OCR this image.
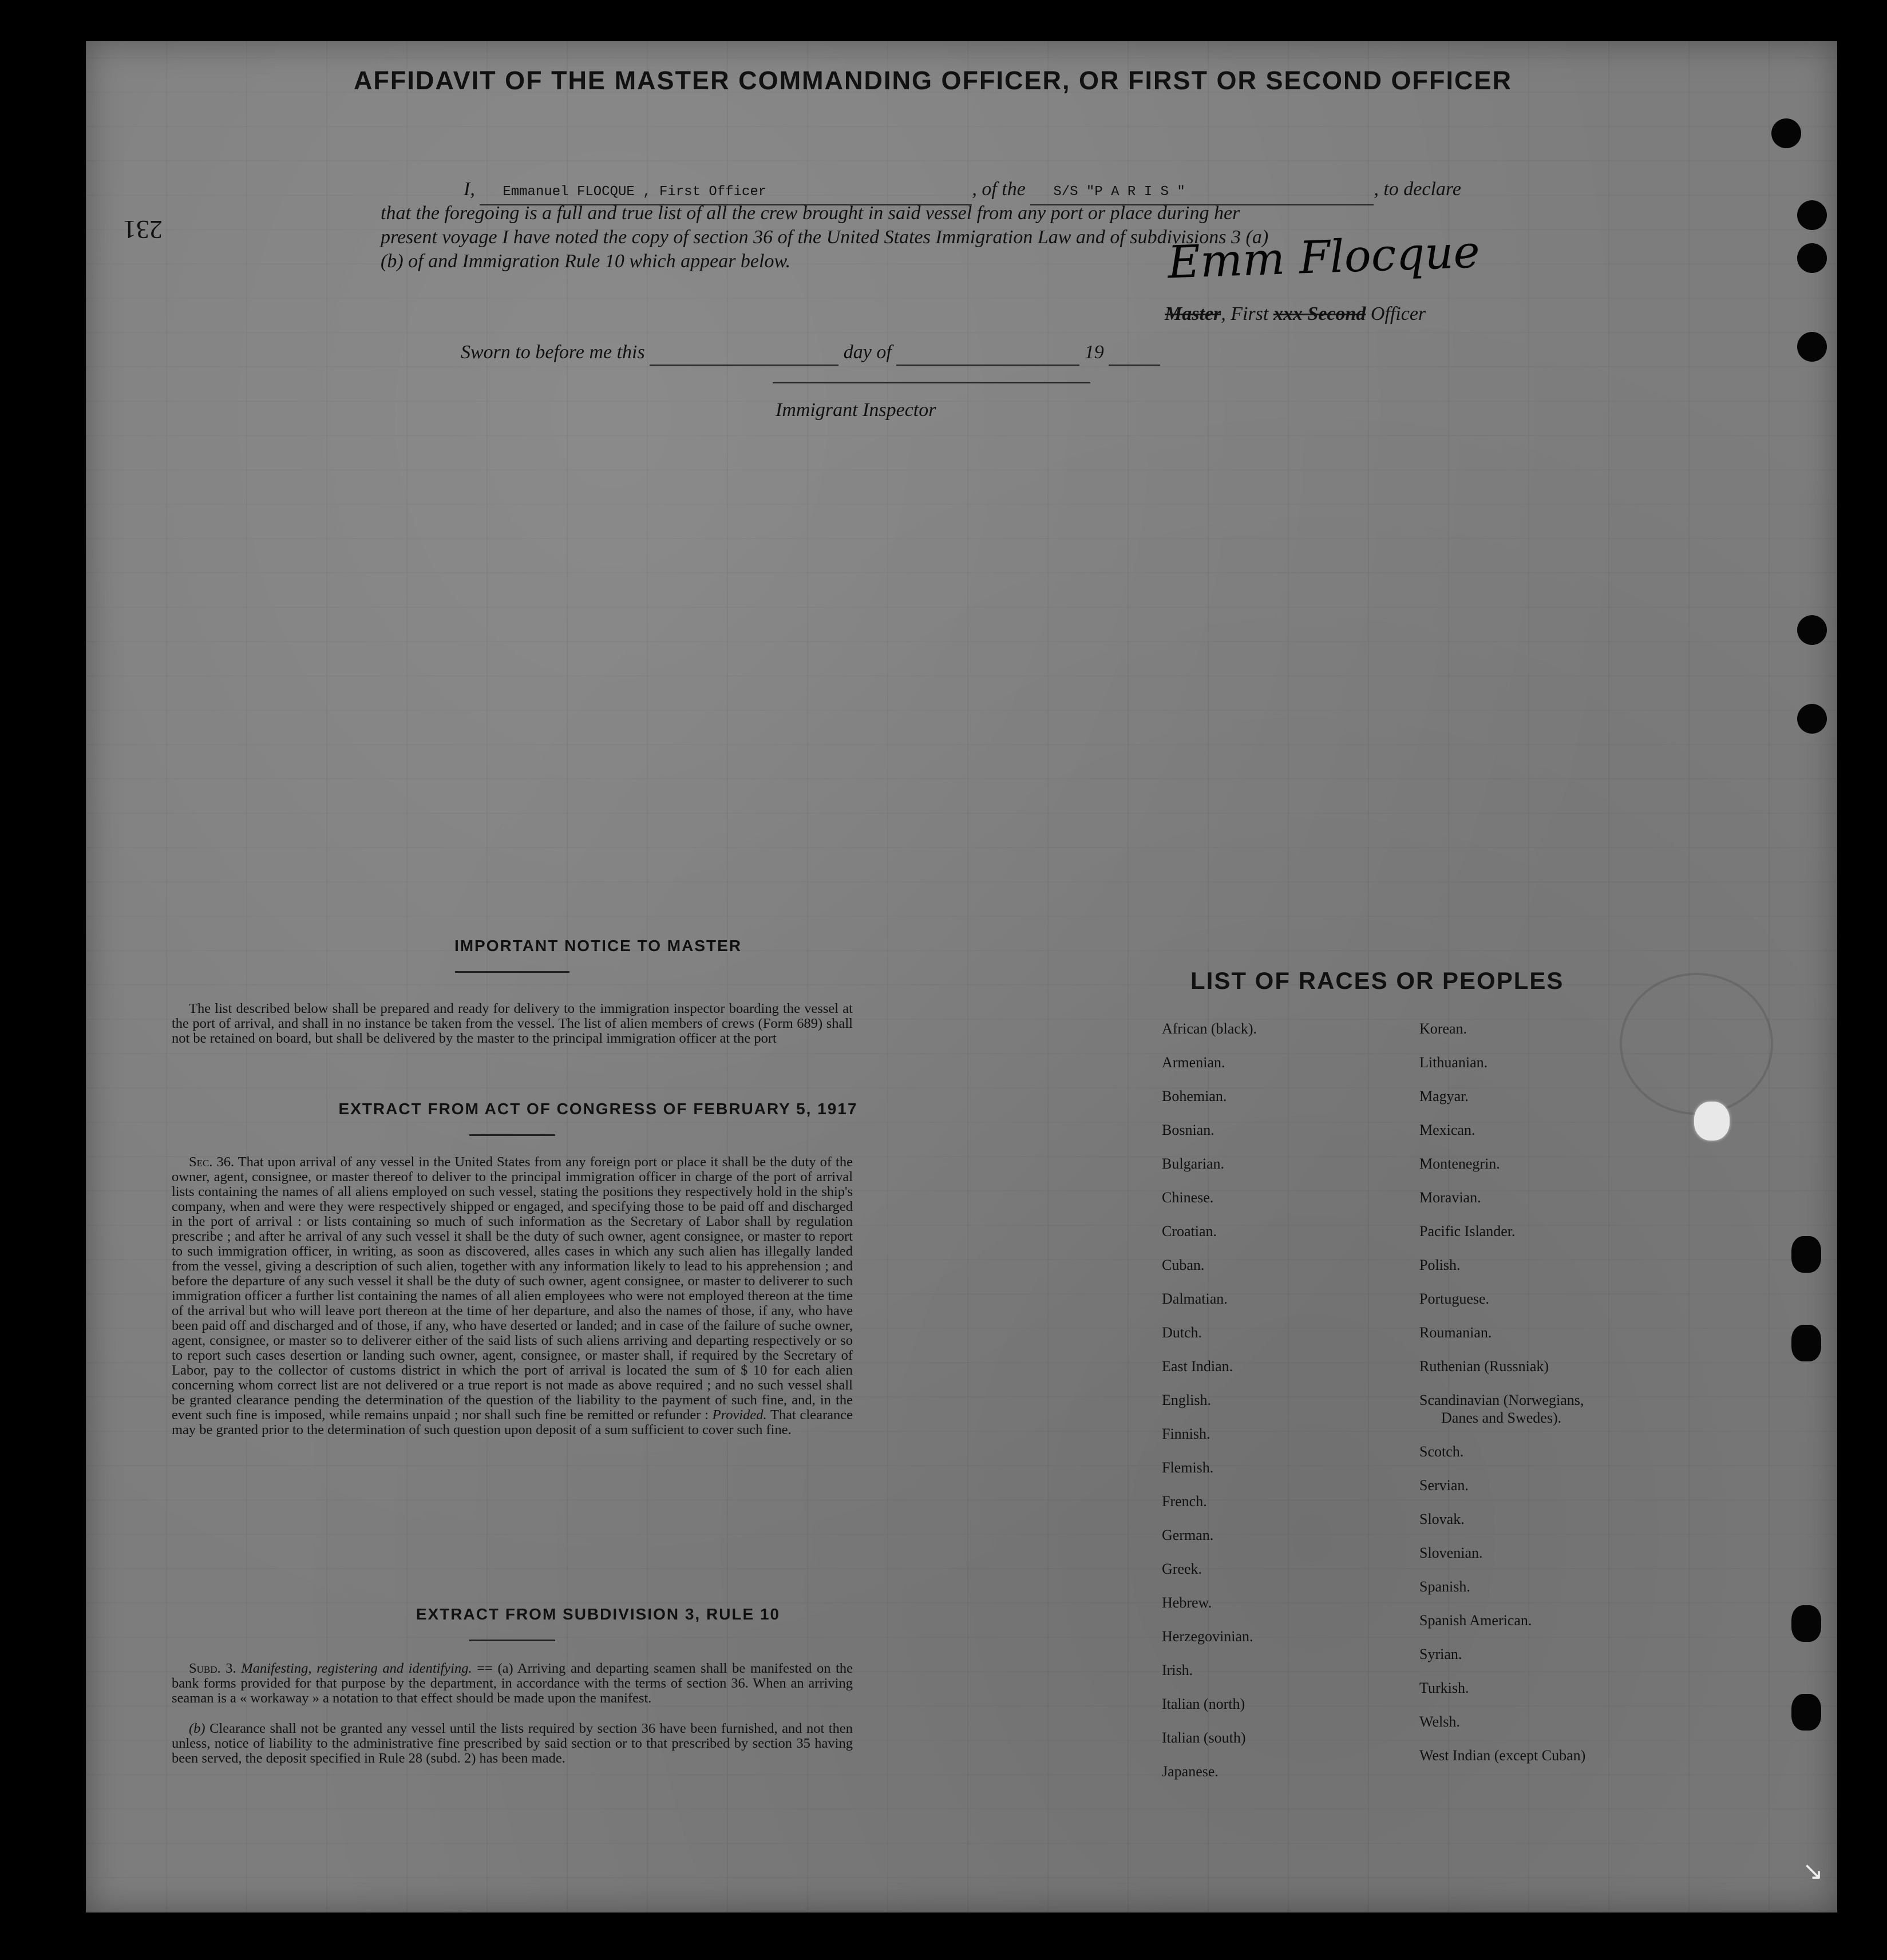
231
AFFIDAVIT OF THE MASTER COMMANDING OFFICER, OR FIRST OR SECOND OFFICER
I, Emmanuel FLOCQUE , First Officer	, of the S/S "P A R I S "	, to declare
that the foregoing is a full and true list of all the crew brought in said vessel from any port or place during her
present voyage I have noted the copy of section 36 of the United States Immigration Law and of subdivisions 3 (a)
(b) of and Immigration Rule 10 which appear below.	Emm Flocque
Master, First xxx Second Officer
Sworn to before me this	day of	19
Immigrant Inspector
IMPORTANT NOTICE TO MASTER
The list described below shall be prepared and ready for delivery to the immigration inspector boarding the vessel at the port of arrival, and shall in no instance be taken from the vessel. The list of alien members of crews (Form 689) shall not be retained on board, but shall be delivered by the master to the principal immigration officer at the port
EXTRACT FROM ACT OF CONGRESS OF FEBRUARY 5, 1917
Sec. 36. That upon arrival of any vessel in the United States from any foreign port or place it shall be the duty of the owner, agent, consignee, or master thereof to deliver to the principal immigration officer in charge of the port of arrival lists containing the names of all aliens employed on such vessel, stating the positions they respectively hold in the ship's company, when and were they were respectively shipped or engaged, and specifying those to be paid off and discharged in the port of arrival : or lists containing so much of such information as the Secretary of Labor shall by regulation prescribe ; and after he arrival of any such vessel it shall be the duty of such owner, agent consignee, or master to report to such immigration officer, in writing, as soon as discovered, alles cases in which any such alien has illegally landed from the vessel, giving a description of such alien, together with any information likely to lead to his apprehension ; and before the departure of any such vessel it shall be the duty of such owner, agent consignee, or master to deliverer to such immigration officer a further list containing the names of all alien employees who were not employed thereon at the time of the arrival but who will leave port thereon at the time of her departure, and also the names of those, if any, who have been paid off and discharged and of those, if any, who have deserted or landed; and in case of the failure of suche owner, agent, consignee, or master so to deliverer either of the said lists of such aliens arriving and departing respectively or so to report such cases desertion or landing such owner, agent, consignee, or master shall, if required by the Secretary of Labor, pay to the collector of customs district in which the port of arrival is located the sum of $ 10 for each alien concerning whom correct list are not delivered or a true report is not made as above required ; and no such vessel shall be granted clearance pending the determination of the question of the liability to the payment of such fine, and, in the event such fine is imposed, while remains unpaid ; nor shall such fine be remitted or refunder : Provided. That clearance may be granted prior to the determination of such question upon deposit of a sum sufficient to cover such fine.
EXTRACT FROM SUBDIVISION 3, RULE 10
Subd. 3. Manifesting, registering and identifying. == (a) Arriving and departing seamen shall be manifested on the bank forms provided for that purpose by the department, in accordance with the terms of section 36. When an arriving seaman is a « workaway » a notation to that effect should be made upon the manifest.
(b) Clearance shall not be granted any vessel until the lists required by section 36 have been furnished, and not then unless, notice of liability to the administrative fine prescribed by said section or to that prescribed by section 35 having been served, the deposit specified in Rule 28 (subd. 2) has been made.
LIST OF RACES OR PEOPLES
African (black).
Armenian.
Bohemian.
Bosnian.
Bulgarian.
Chinese.
Croatian.
Cuban.
Dalmatian.
Dutch.
East Indian.
English.
Finnish.
Flemish.
French.
German.
Greek.
Hebrew.
Herzegovinian.
Irish.
Italian (north)
Italian (south)
Japanese.
Korean.
Lithuanian.
Magyar.
Mexican.
Montenegrin.
Moravian.
Pacific Islander.
Polish.
Portuguese.
Roumanian.
Ruthenian (Russniak)
Scandinavian (Norwegians,
Danes and Swedes).
Scotch.
Servian.
Slovak.
Slovenian.
Spanish.
Spanish American.
Syrian.
Turkish.
Welsh.
West Indian (except Cuban)
↗
